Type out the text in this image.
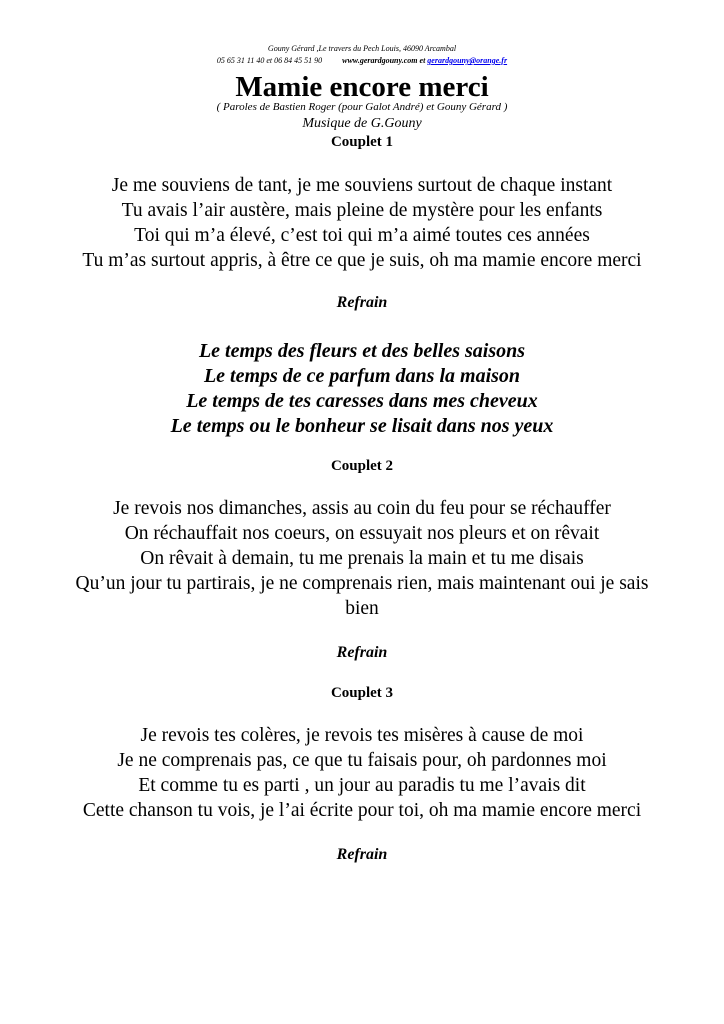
Gouny Gérard ,Le travers du Pech Louis, 46090 Arcambal
05 65 31 11 40 et 06 84 45 51 90	www.gerardgouny.com et gerardgouny@orange.fr
Mamie encore merci
( Paroles de Bastien Roger (pour Galot André) et Gouny Gérard )
Musique de G.Gouny
Couplet 1
Je me souviens de tant, je me souviens surtout de chaque instant
Tu avais l’air austère, mais pleine de mystère pour les enfants
Toi qui m’a élevé, c’est toi qui m’a aimé toutes ces années
Tu m’as surtout appris, à être ce que je suis, oh ma mamie encore merci
Refrain
Le temps des fleurs et des belles saisons
Le temps de ce parfum dans la maison
Le temps de tes caresses dans mes cheveux
Le temps ou le bonheur se lisait dans nos yeux
Couplet 2
Je revois nos dimanches, assis au coin du feu pour se réchauffer
On réchauffait nos coeurs, on essuyait nos pleurs et on rêvait
On rêvait à demain, tu me prenais la main et tu me disais
Qu’un jour tu partirais, je ne comprenais rien, mais maintenant oui je sais
bien
Refrain
Couplet 3
Je revois tes colères, je revois tes misères à cause de moi
Je ne comprenais pas, ce que tu faisais pour, oh pardonnes moi
Et comme tu es parti , un jour au paradis tu me l’avais dit
Cette chanson tu vois, je l’ai écrite pour toi, oh ma mamie encore merci
Refrain
